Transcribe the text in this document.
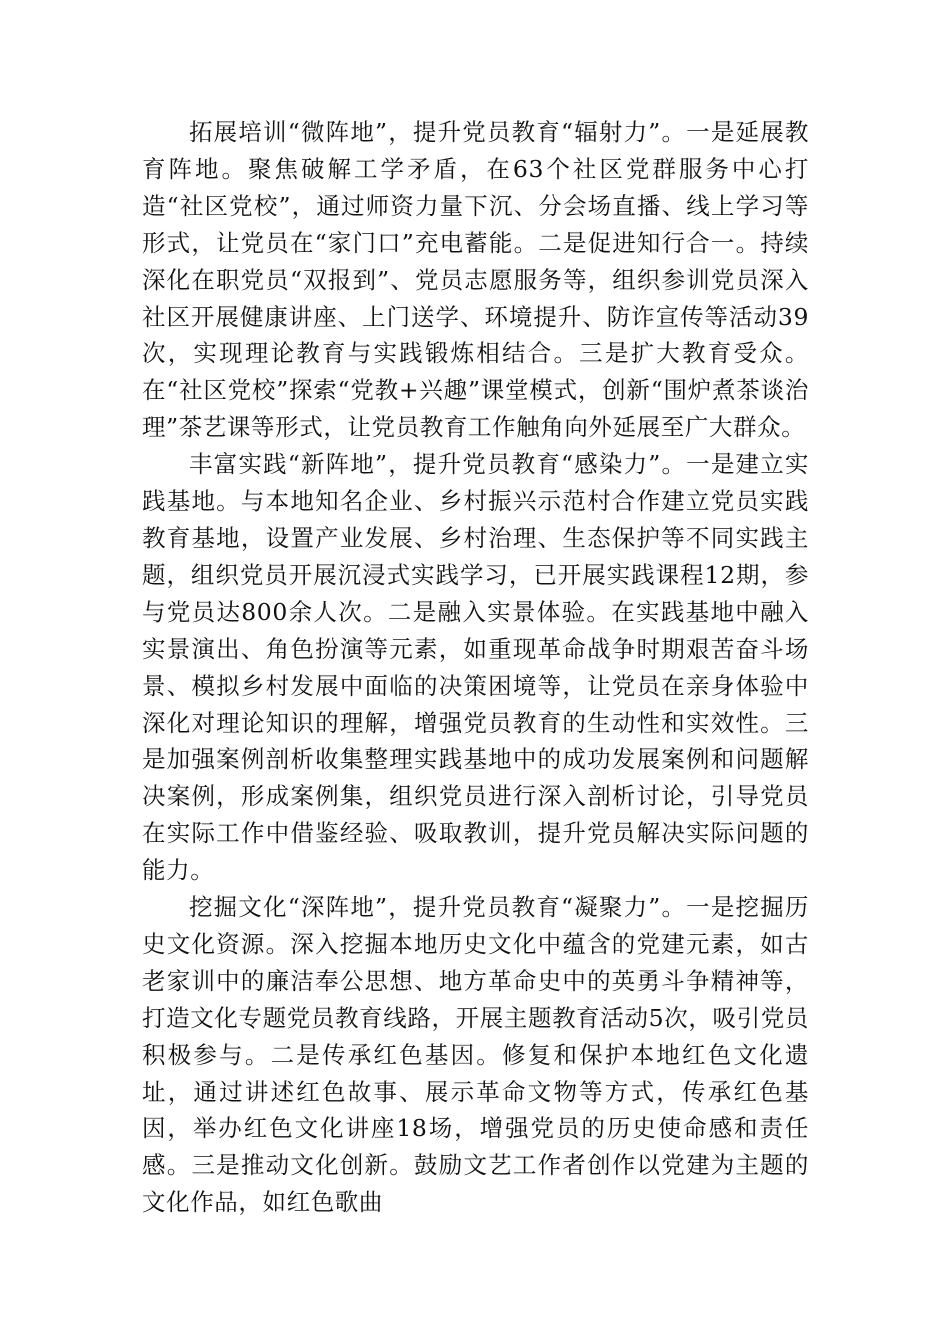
拓展培训“微阵地”，提升党员教育“辐射力”。一是延展教育阵地。聚焦破解工学矛盾，在63个社区党群服务中心打造“社区党校”，通过师资力量下沉、分会场直播、线上学习等形式，让党员在“家门口”充电蓄能。二是促进知行合一。持续深化在职党员“双报到”、党员志愿服务等，组织参训党员深入社区开展健康讲座、上门送学、环境提升、防诈宣传等活动39次，实现理论教育与实践锻炼相结合。三是扩大教育受众。在“社区党校”探索“党教+兴趣”课堂模式，创新“围炉煮茶谈治理”茶艺课等形式，让党员教育工作触角向外延展至广大群众。

丰富实践“新阵地”，提升党员教育“感染力”。一是建立实践基地。与本地知名企业、乡村振兴示范村合作建立党员实践教育基地，设置产业发展、乡村治理、生态保护等不同实践主题，组织党员开展沉浸式实践学习，已开展实践课程12期，参与党员达800余人次。二是融入实景体验。在实践基地中融入实景演出、角色扮演等元素，如重现革命战争时期艰苦奋斗场景、模拟乡村发展中面临的决策困境等，让党员在亲身体验中深化对理论知识的理解，增强党员教育的生动性和实效性。三是加强案例剖析收集整理实践基地中的成功发展案例和问题解决案例，形成案例集，组织党员进行深入剖析讨论，引导党员在实际工作中借鉴经验、吸取教训，提升党员解决实际问题的能力。

挖掘文化“深阵地”，提升党员教育“凝聚力”。一是挖掘历史文化资源。深入挖掘本地历史文化中蕴含的党建元素，如古老家训中的廉洁奉公思想、地方革命史中的英勇斗争精神等，打造文化专题党员教育线路，开展主题教育活动5次，吸引党员积极参与。二是传承红色基因。修复和保护本地红色文化遗址，通过讲述红色故事、展示革命文物等方式，传承红色基因，举办红色文化讲座18场，增强党员的历史使命感和责任感。三是推动文化创新。鼓励文艺工作者创作以党建为主题的文化作品，如红色歌曲
